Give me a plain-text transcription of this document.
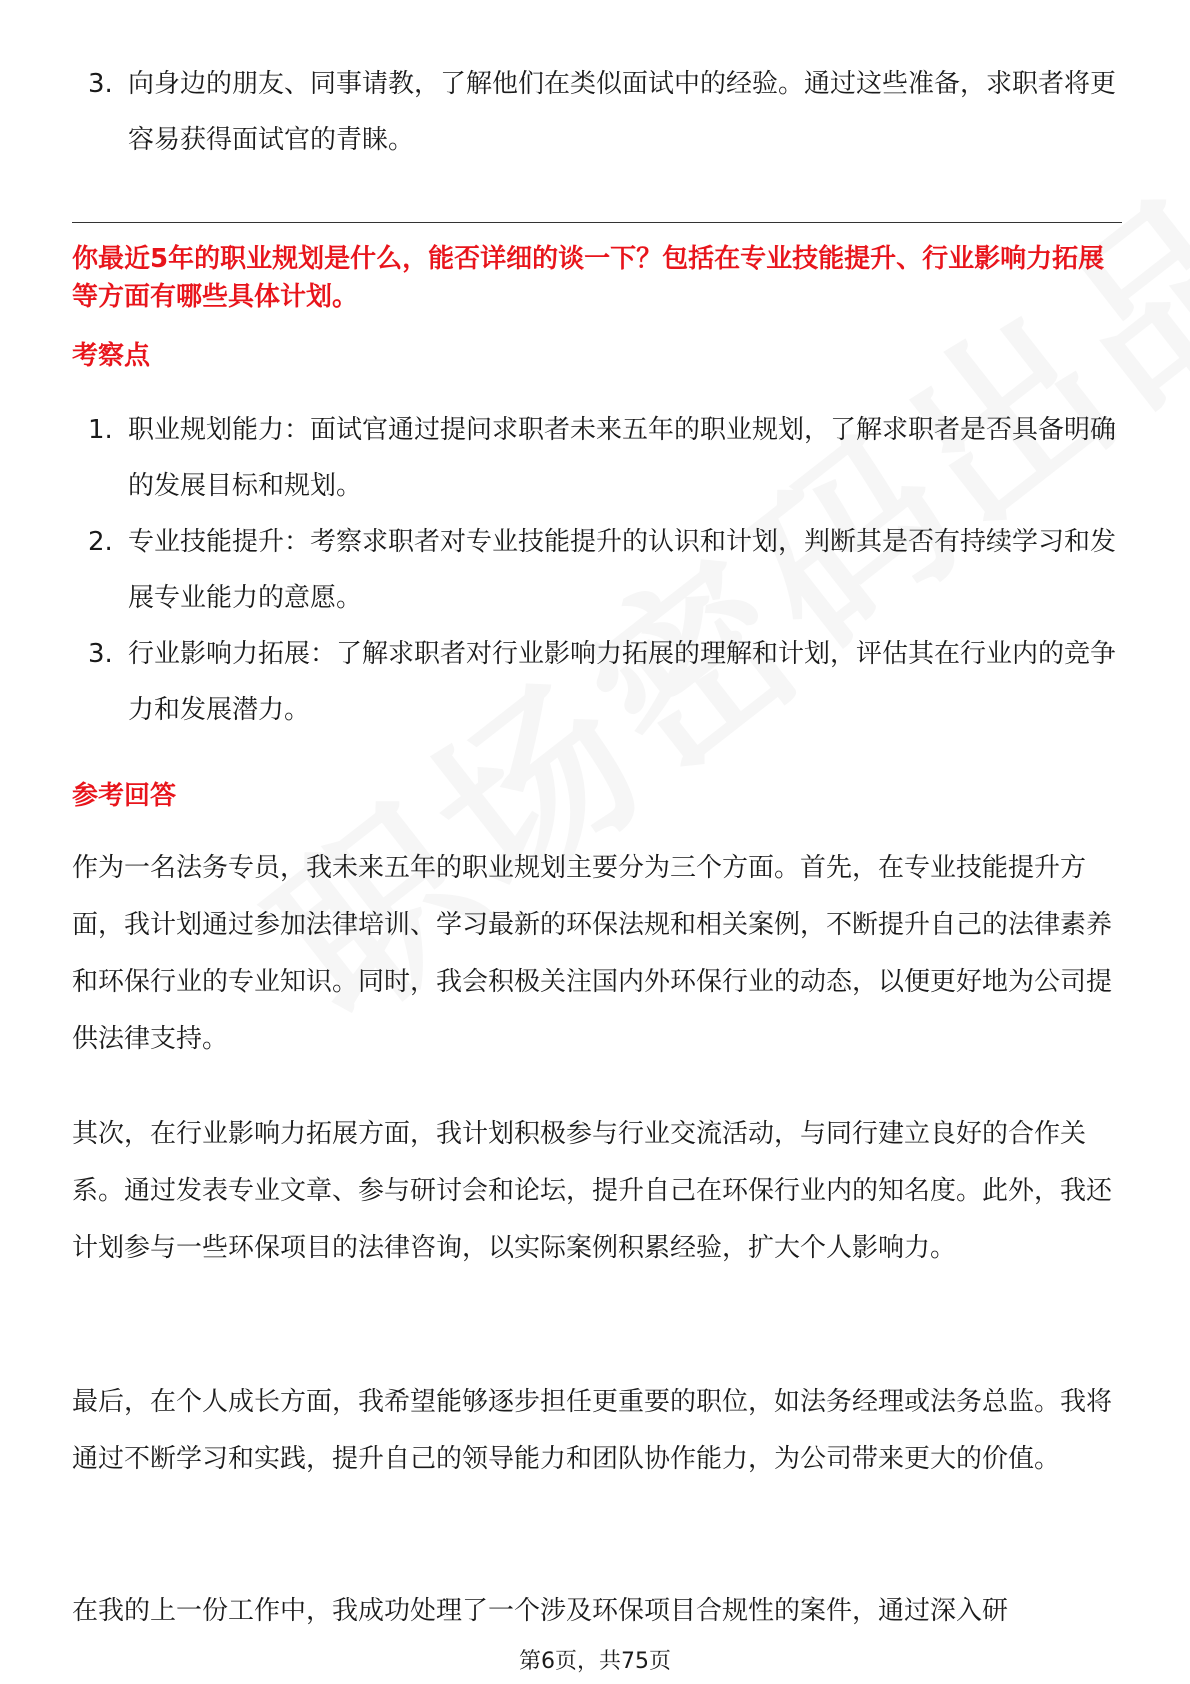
3. 向身边的朋友、同事请教，了解他们在类似面试中的经验。通过这些准备，求职者将更容易获得面试官的青睐。
你最近5年的职业规划是什么，能否详细的谈一下？包括在专业技能提升、行业影响力拓展等方面有哪些具体计划。
考察点
1. 职业规划能力：面试官通过提问求职者未来五年的职业规划，了解求职者是否具备明确的发展目标和规划。
2. 专业技能提升：考察求职者对专业技能提升的认识和计划，判断其是否有持续学习和发展专业能力的意愿。
3. 行业影响力拓展：了解求职者对行业影响力拓展的理解和计划，评估其在行业内的竞争力和发展潜力。
参考回答

作为一名法务专员，我未来五年的职业规划主要分为三个方面。首先，在专业技能提升方面，我计划通过参加法律培训、学习最新的环保法规和相关案例，不断提升自己的法律素养和环保行业的专业知识。同时，我会积极关注国内外环保行业的动态，以便更好地为公司提供法律支持。

其次，在行业影响力拓展方面，我计划积极参与行业交流活动，与同行建立良好的合作关系。通过发表专业文章、参与研讨会和论坛，提升自己在环保行业内的知名度。此外，我还计划参与一些环保项目的法律咨询，以实际案例积累经验，扩大个人影响力。

最后，在个人成长方面，我希望能够逐步担任更重要的职位，如法务经理或法务总监。我将通过不断学习和实践，提升自己的领导能力和团队协作能力，为公司带来更大的价值。

在我的上一份工作中，我成功处理了一个涉及环保项目合规性的案件，通过深入研

第6页，共75页
